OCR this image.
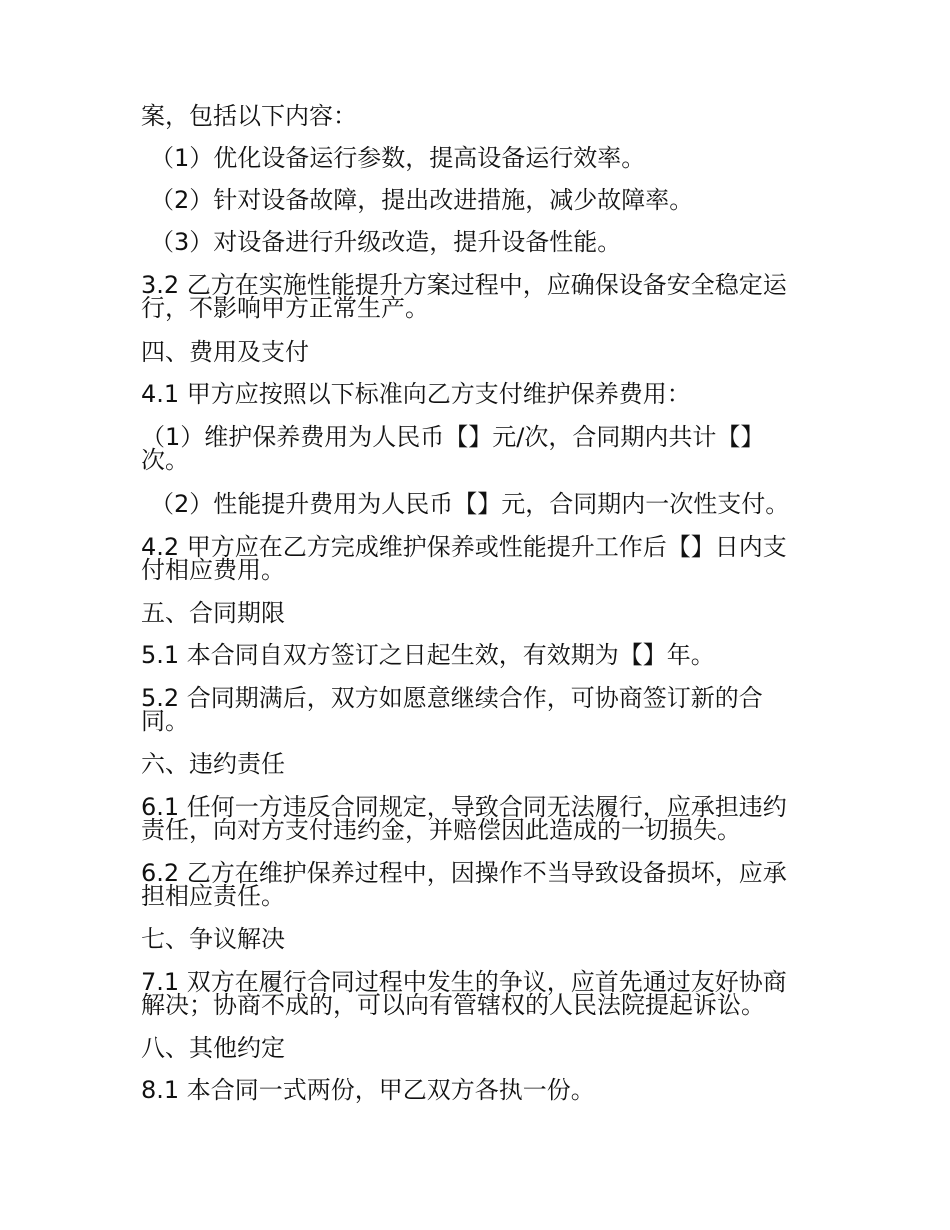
案，包括以下内容：

（1）优化设备运行参数，提高设备运行效率。

（2）针对设备故障，提出改进措施，减少故障率。

（3）对设备进行升级改造，提升设备性能。

3.2 乙方在实施性能提升方案过程中，应确保设备安全稳定运行，不影响甲方正常生产。

四、费用及支付

4.1 甲方应按照以下标准向乙方支付维护保养费用：

（1）维护保养费用为人民币【】元/次，合同期内共计【】次。

（2）性能提升费用为人民币【】元，合同期内一次性支付。

4.2 甲方应在乙方完成维护保养或性能提升工作后【】日内支付相应费用。

五、合同期限

5.1 本合同自双方签订之日起生效，有效期为【】年。

5.2 合同期满后，双方如愿意继续合作，可协商签订新的合同。

六、违约责任

6.1 任何一方违反合同规定，导致合同无法履行，应承担违约责任，向对方支付违约金，并赔偿因此造成的一切损失。

6.2 乙方在维护保养过程中，因操作不当导致设备损坏，应承担相应责任。

七、争议解决

7.1 双方在履行合同过程中发生的争议，应首先通过友好协商解决；协商不成的，可以向有管辖权的人民法院提起诉讼。

八、其他约定

8.1 本合同一式两份，甲乙双方各执一份。
